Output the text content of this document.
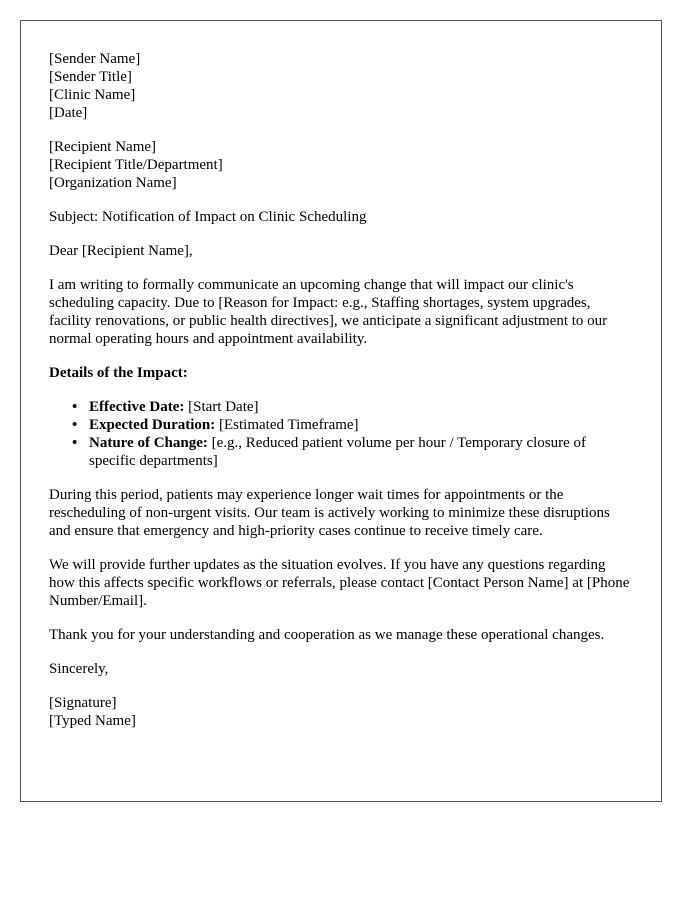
[Sender Name]

[Sender Title]

[Clinic Name]

[Date]

[Recipient Name]

[Recipient Title/Department]

[Organization Name]

Subject: Notification of Impact on Clinic Scheduling

Dear [Recipient Name],

I am writing to formally communicate an upcoming change that will impact our clinic's scheduling capacity. Due to [Reason for Impact: e.g., Staffing shortages, system upgrades, facility renovations, or public health directives], we anticipate a significant adjustment to our normal operating hours and appointment availability.

Details of the Impact:

• Effective Date: [Start Date]
• Expected Duration: [Estimated Timeframe]
• Nature of Change: [e.g., Reduced patient volume per hour / Temporary closure of specific departments]

During this period, patients may experience longer wait times for appointments or the rescheduling of non-urgent visits. Our team is actively working to minimize these disruptions and ensure that emergency and high-priority cases continue to receive timely care.

We will provide further updates as the situation evolves. If you have any questions regarding how this affects specific workflows or referrals, please contact [Contact Person Name] at [Phone Number/Email].

Thank you for your understanding and cooperation as we manage these operational changes.

Sincerely,

[Signature]

[Typed Name]
